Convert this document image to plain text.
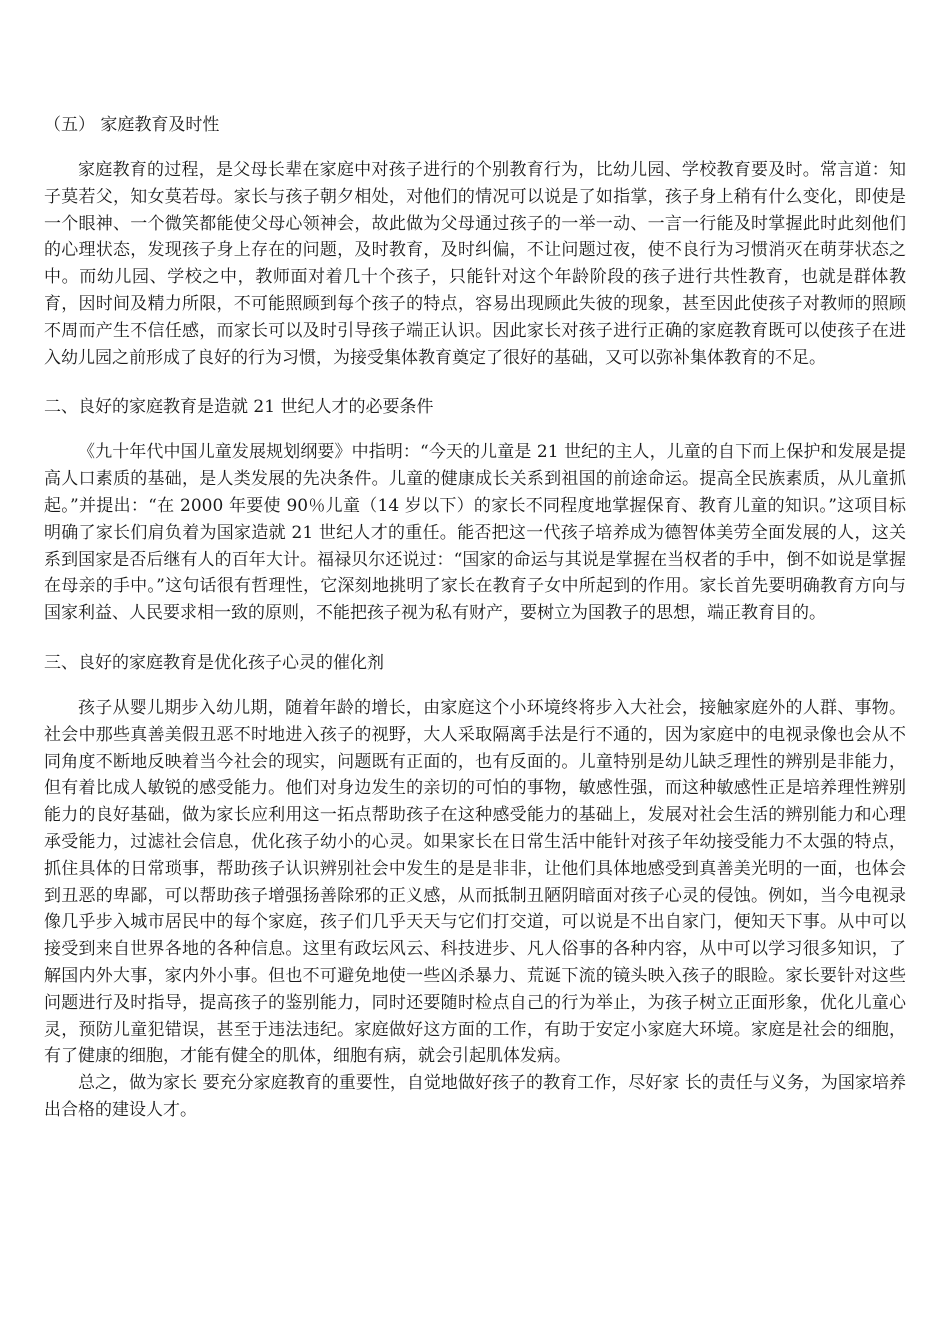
（五） 家庭教育及时性

家庭教育的过程，是父母长辈在家庭中对孩子进行的个别教育行为，比幼儿园、学校教育要及时。常言道：知子莫若父，知女莫若母。家长与孩子朝夕相处，对他们的情况可以说是了如指掌，孩子身上稍有什么变化，即使是一个眼神、一个微笑都能使父母心领神会，故此做为父母通过孩子的一举一动、一言一行能及时掌握此时此刻他们的心理状态，发现孩子身上存在的问题，及时教育，及时纠偏，不让问题过夜，使不良行为习惯消灭在萌芽状态之中。而幼儿园、学校之中，教师面对着几十个孩子，只能针对这个年龄阶段的孩子进行共性教育，也就是群体教育，因时间及精力所限，不可能照顾到每个孩子的特点，容易出现顾此失彼的现象，甚至因此使孩子对教师的照顾不周而产生不信任感，而家长可以及时引导孩子端正认识。因此家长对孩子进行正确的家庭教育既可以使孩子在进入幼儿园之前形成了良好的行为习惯，为接受集体教育奠定了很好的基础，又可以弥补集体教育的不足。

二、良好的家庭教育是造就 21 世纪人才的必要条件

《九十年代中国儿童发展规划纲要》中指明：“今天的儿童是 21 世纪的主人，儿童的自下而上保护和发展是提高人口素质的基础，是人类发展的先决条件。儿童的健康成长关系到祖国的前途命运。提高全民族素质，从儿童抓起。”并提出：“在 2000 年要使 90％儿童（14 岁以下）的家长不同程度地掌握保育、教育儿童的知识。”这项目标明确了家长们肩负着为国家造就 21 世纪人才的重任。能否把这一代孩子培养成为德智体美劳全面发展的人，这关系到国家是否后继有人的百年大计。福禄贝尔还说过：“国家的命运与其说是掌握在当权者的手中，倒不如说是掌握在母亲的手中。”这句话很有哲理性，它深刻地挑明了家长在教育子女中所起到的作用。家长首先要明确教育方向与国家利益、人民要求相一致的原则，不能把孩子视为私有财产，要树立为国教子的思想，端正教育目的。

三、良好的家庭教育是优化孩子心灵的催化剂

孩子从婴儿期步入幼儿期，随着年龄的增长，由家庭这个小环境终将步入大社会，接触家庭外的人群、事物。社会中那些真善美假丑恶不时地进入孩子的视野，大人采取隔离手法是行不通的，因为家庭中的电视录像也会从不同角度不断地反映着当今社会的现实，问题既有正面的，也有反面的。儿童特别是幼儿缺乏理性的辨别是非能力，但有着比成人敏锐的感受能力。他们对身边发生的亲切的可怕的事物，敏感性强，而这种敏感性正是培养理性辨别能力的良好基础，做为家长应利用这一拓点帮助孩子在这种感受能力的基础上，发展对社会生活的辨别能力和心理承受能力，过滤社会信息，优化孩子幼小的心灵。如果家长在日常生活中能针对孩子年幼接受能力不太强的特点，抓住具体的日常琐事，帮助孩子认识辨别社会中发生的是是非非，让他们具体地感受到真善美光明的一面，也体会到丑恶的卑鄙，可以帮助孩子增强扬善除邪的正义感，从而抵制丑陋阴暗面对孩子心灵的侵蚀。例如，当今电视录像几乎步入城市居民中的每个家庭，孩子们几乎天天与它们打交道，可以说是不出自家门，便知天下事。从中可以接受到来自世界各地的各种信息。这里有政坛风云、科技进步、凡人俗事的各种内容，从中可以学习很多知识，了解国内外大事，家内外小事。但也不可避免地使一些凶杀暴力、荒诞下流的镜头映入孩子的眼睑。家长要针对这些问题进行及时指导，提高孩子的鉴别能力，同时还要随时检点自己的行为举止，为孩子树立正面形象，优化儿童心灵，预防儿童犯错误，甚至于违法违纪。家庭做好这方面的工作，有助于安定小家庭大环境。家庭是社会的细胞，有了健康的细胞，才能有健全的肌体，细胞有病，就会引起肌体发病。

总之，做为家长 要充分家庭教育的重要性，自觉地做好孩子的教育工作，尽好家 长的责任与义务，为国家培养出合格的建设人才。
